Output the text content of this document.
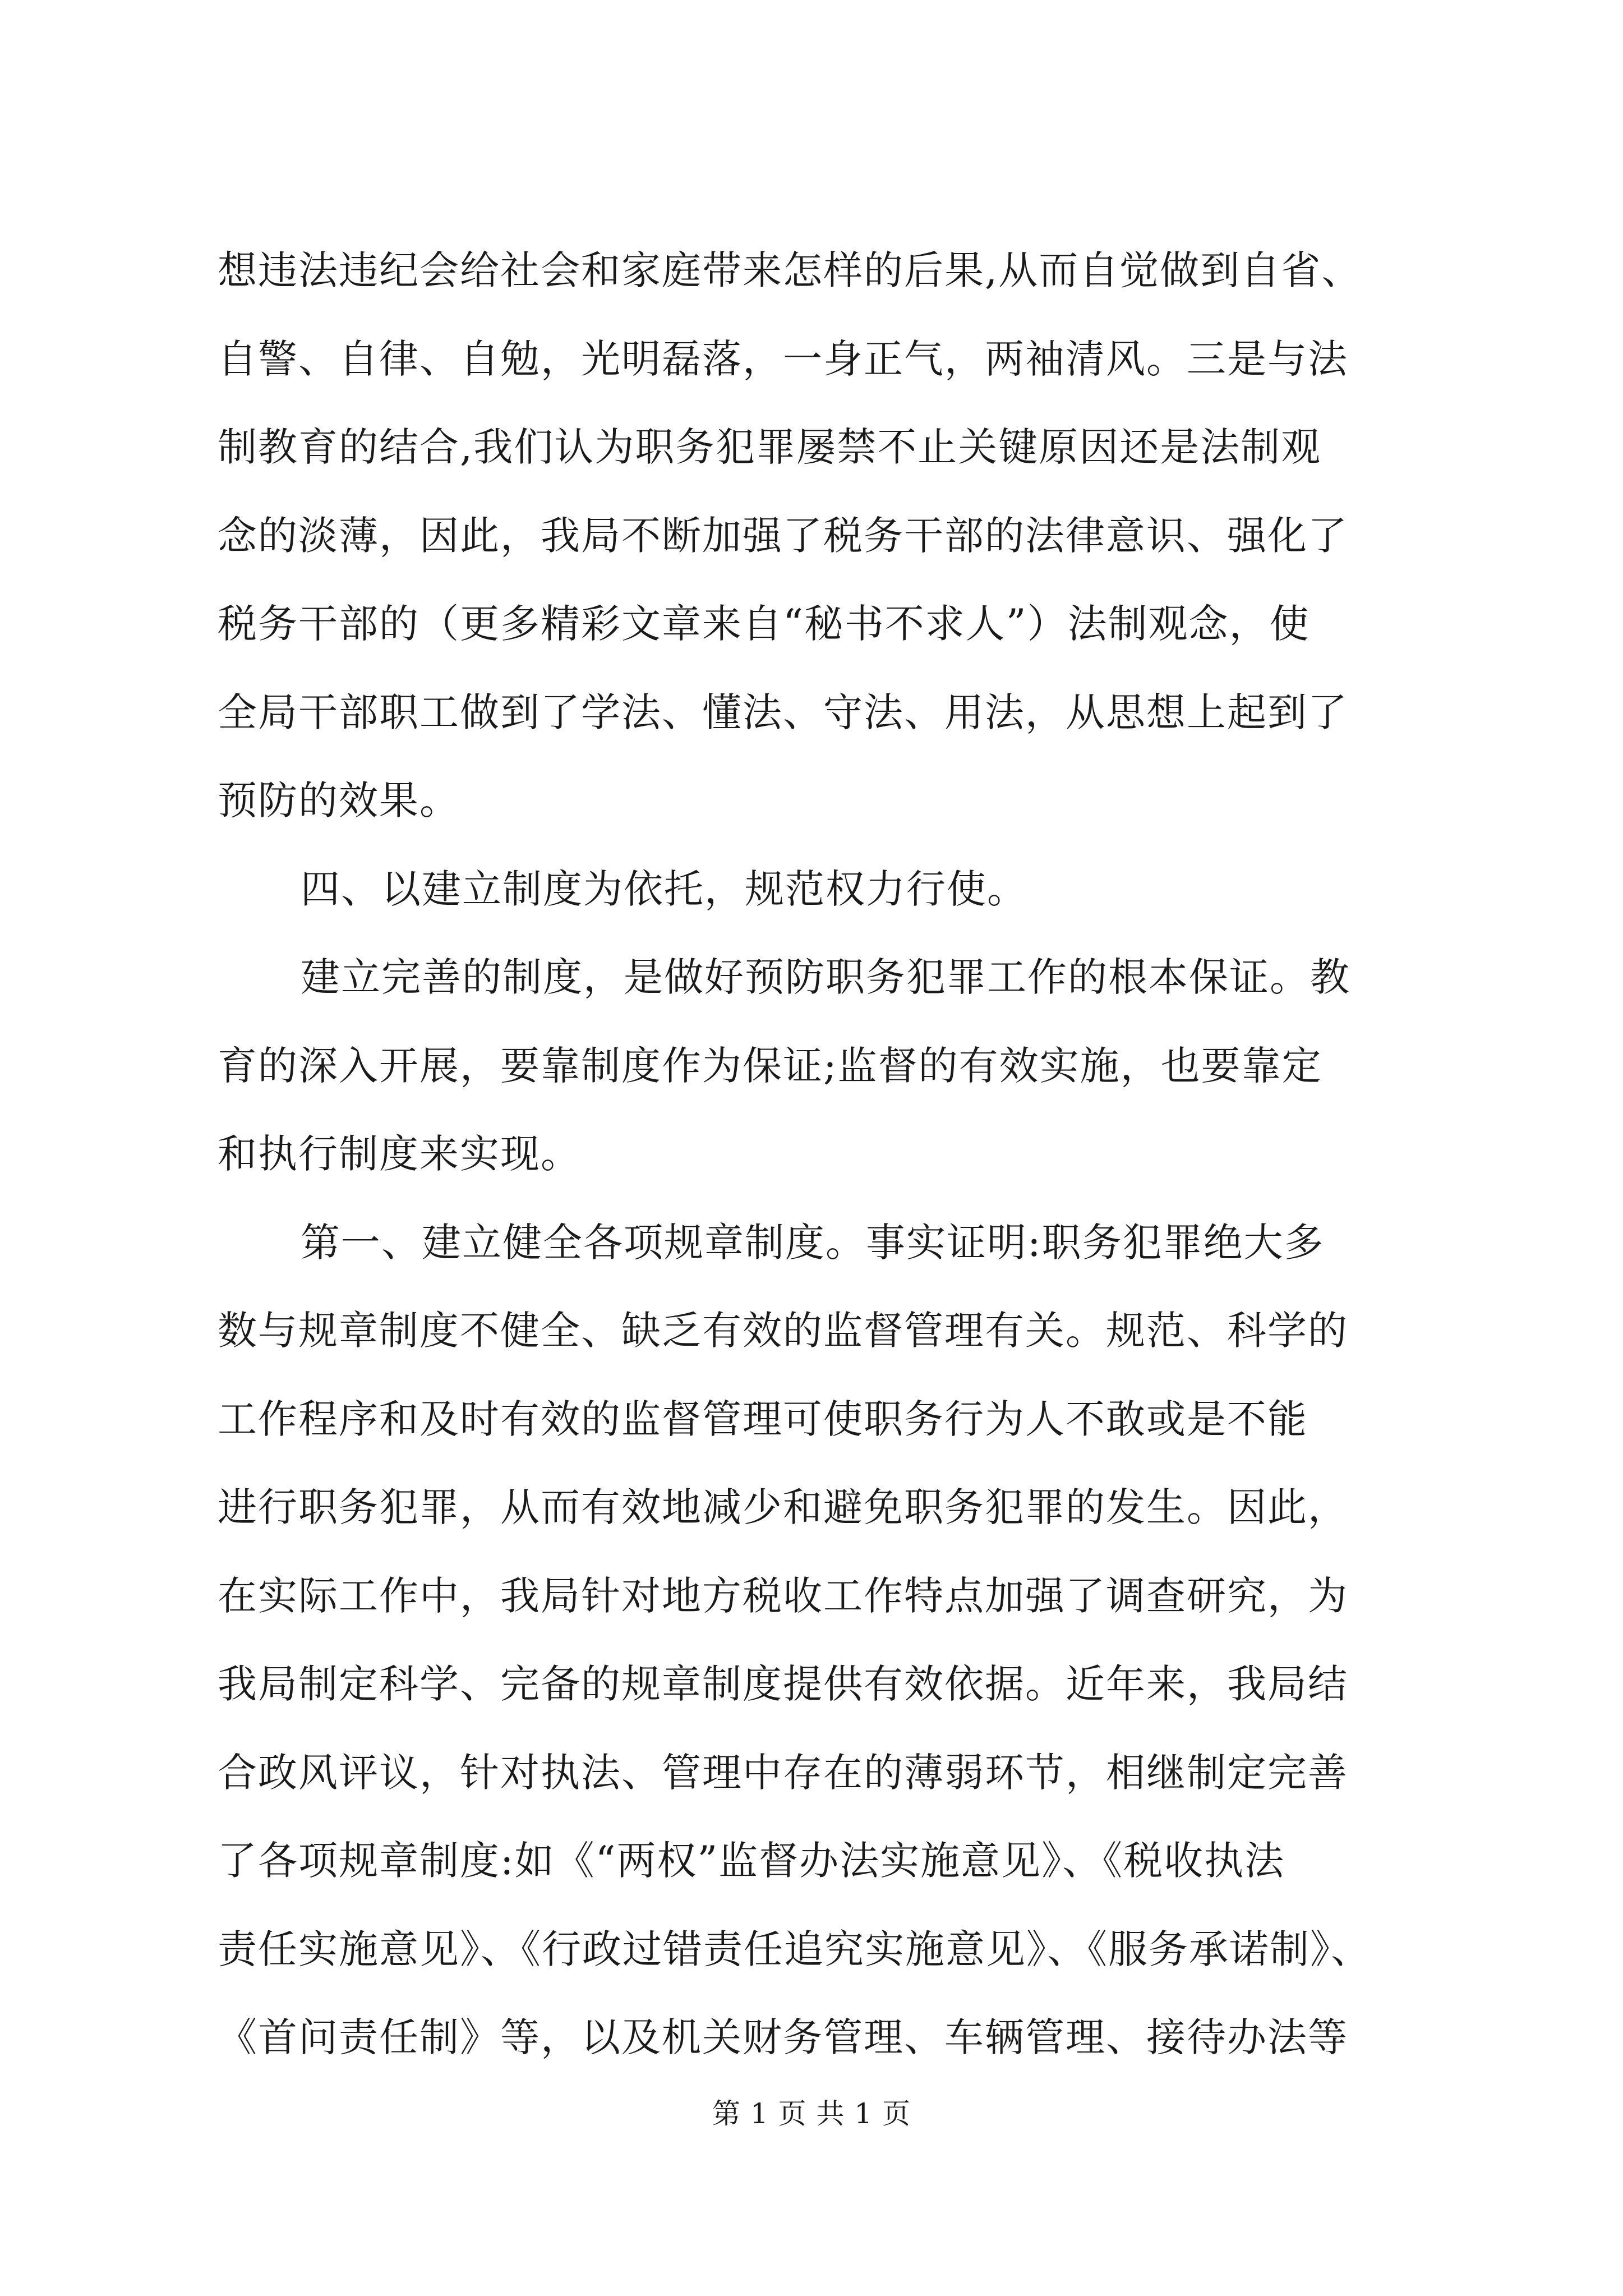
想违法违纪会给社会和家庭带来怎样的后果,从而自觉做到自省、
自警、自律、自勉，光明磊落，一身正气，两袖清风。三是与法
制教育的结合,我们认为职务犯罪屡禁不止关键原因还是法制观
念的淡薄，因此，我局不断加强了税务干部的法律意识、强化了
税务干部的（更多精彩文章来自“秘书不求人”）法制观念，使
全局干部职工做到了学法、懂法、守法、用法，从思想上起到了
预防的效果。
四、以建立制度为依托，规范权力行使。
建立完善的制度，是做好预防职务犯罪工作的根本保证。教
育的深入开展，要靠制度作为保证;监督的有效实施，也要靠定
和执行制度来实现。
第一、建立健全各项规章制度。事实证明:职务犯罪绝大多
数与规章制度不健全、缺乏有效的监督管理有关。规范、科学的
工作程序和及时有效的监督管理可使职务行为人不敢或是不能
进行职务犯罪，从而有效地减少和避免职务犯罪的发生。因此，
在实际工作中，我局针对地方税收工作特点加强了调查研究，为
我局制定科学、完备的规章制度提供有效依据。近年来，我局结
合政风评议，针对执法、管理中存在的薄弱环节，相继制定完善
了各项规章制度:如《“两权”监督办法实施意见》、《税收执法
责任实施意见》、《行政过错责任追究实施意见》、《服务承诺制》、
《首问责任制》等，以及机关财务管理、车辆管理、接待办法等
第 1 页 共 1 页
